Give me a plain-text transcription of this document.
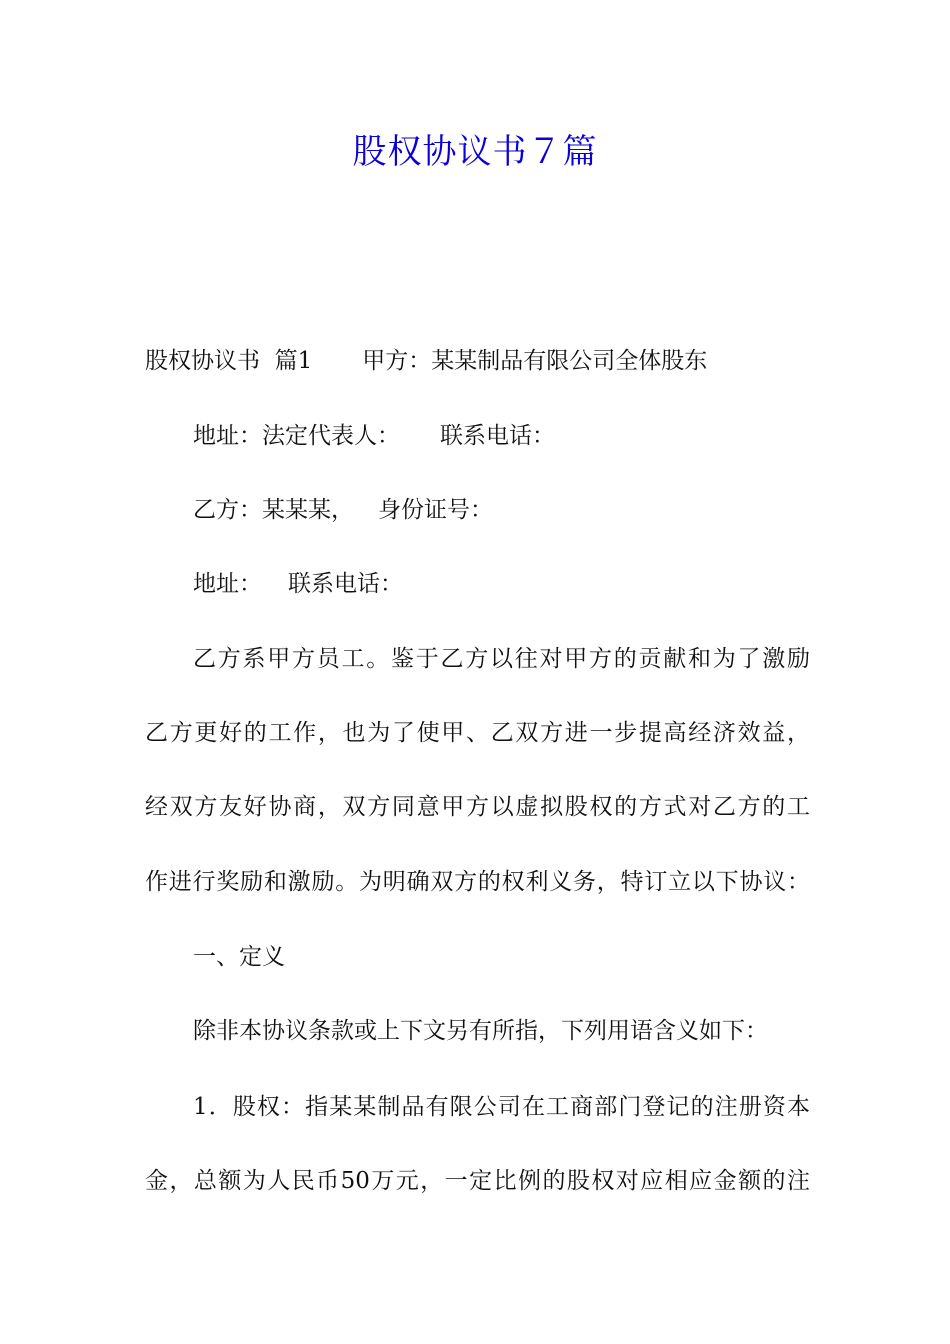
股权协议书７篇
股权协议书  篇1 甲方：某某制品有限公司全体股东
地址：法定代表人： 联系电话：
乙方：某某某， 身份证号：
地址： 联系电话：
乙方系甲方员工。鉴于乙方以往对甲方的贡献和为了激励
乙方更好的工作，也为了使甲、乙双方进一步提高经济效益，
经双方友好协商，双方同意甲方以虚拟股权的方式对乙方的工
作进行奖励和激励。为明确双方的权利义务，特订立以下协议：
一、定义
除非本协议条款或上下文另有所指，下列用语含义如下：
1．股权：指某某制品有限公司在工商部门登记的注册资本
金，总额为人民币50万元，一定比例的股权对应相应金额的注
